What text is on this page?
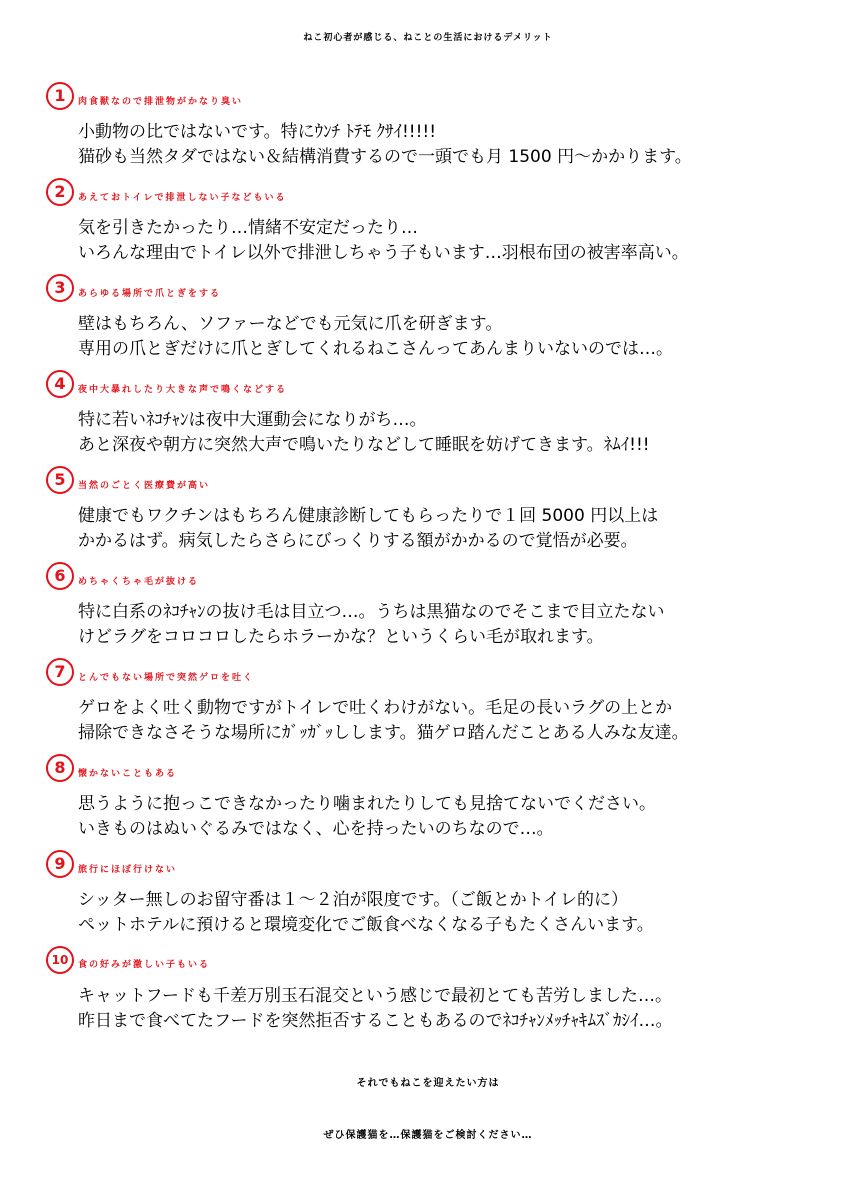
ねこ初心者が感じる、ねことの生活におけるデメリット
1 肉食獣なので排泄物がかなり臭い
小動物の比ではないです。特にｳﾝﾁ ﾄﾃﾓ ｸｻｲ!!!!!
猫砂も当然タダではない＆結構消費するので一頭でも月 1500 円〜かかります。
2 あえておトイレで排泄しない子などもいる
気を引きたかったり…情緒不安定だったり…
いろんな理由でトイレ以外で排泄しちゃう子もいます…羽根布団の被害率高い。
3 あらゆる場所で爪とぎをする
壁はもちろん、ソファーなどでも元気に爪を研ぎます。
専用の爪とぎだけに爪とぎしてくれるねこさんってあんまりいないのでは…。
4 夜中大暴れしたり大きな声で鳴くなどする
特に若いﾈｺﾁｬﾝは夜中大運動会になりがち…。
あと深夜や朝方に突然大声で鳴いたりなどして睡眠を妨げてきます。ﾈﾑｲ!!!
5 当然のごとく医療費が高い
健康でもワクチンはもちろん健康診断してもらったりで１回 5000 円以上は
かかるはず。病気したらさらにびっくりする額がかかるので覚悟が必要。
6 めちゃくちゃ毛が抜ける
特に白系のﾈｺﾁｬﾝの抜け毛は目立つ…。うちは黒猫なのでそこまで目立たない
けどラグをコロコロしたらホラーかな？というくらい毛が取れます。
7 とんでもない場所で突然ゲロを吐く
ゲロをよく吐く動物ですがトイレで吐くわけがない。毛足の長いラグの上とか
掃除できなさそうな場所にｶﾞｯｶﾞｯしします。猫ゲロ踏んだことある人みな友達。
8 懐かないこともある
思うように抱っこできなかったり噛まれたりしても見捨てないでください。
いきものはぬいぐるみではなく、心を持ったいのちなので…。
9 旅行にほぼ行けない
シッター無しのお留守番は１〜２泊が限度です。（ご飯とかトイレ的に）
ペットホテルに預けると環境変化でご飯食べなくなる子もたくさんいます。
10 食の好みが激しい子もいる
キャットフードも千差万別玉石混交という感じで最初とても苦労しました…。
昨日まで食べてたフードを突然拒否することもあるのでﾈｺﾁｬﾝﾒｯﾁｬｷﾑｽﾞｶｼｲ…。
それでもねこを迎えたい方は
ぜひ保護猫を…保護猫をご検討ください…
